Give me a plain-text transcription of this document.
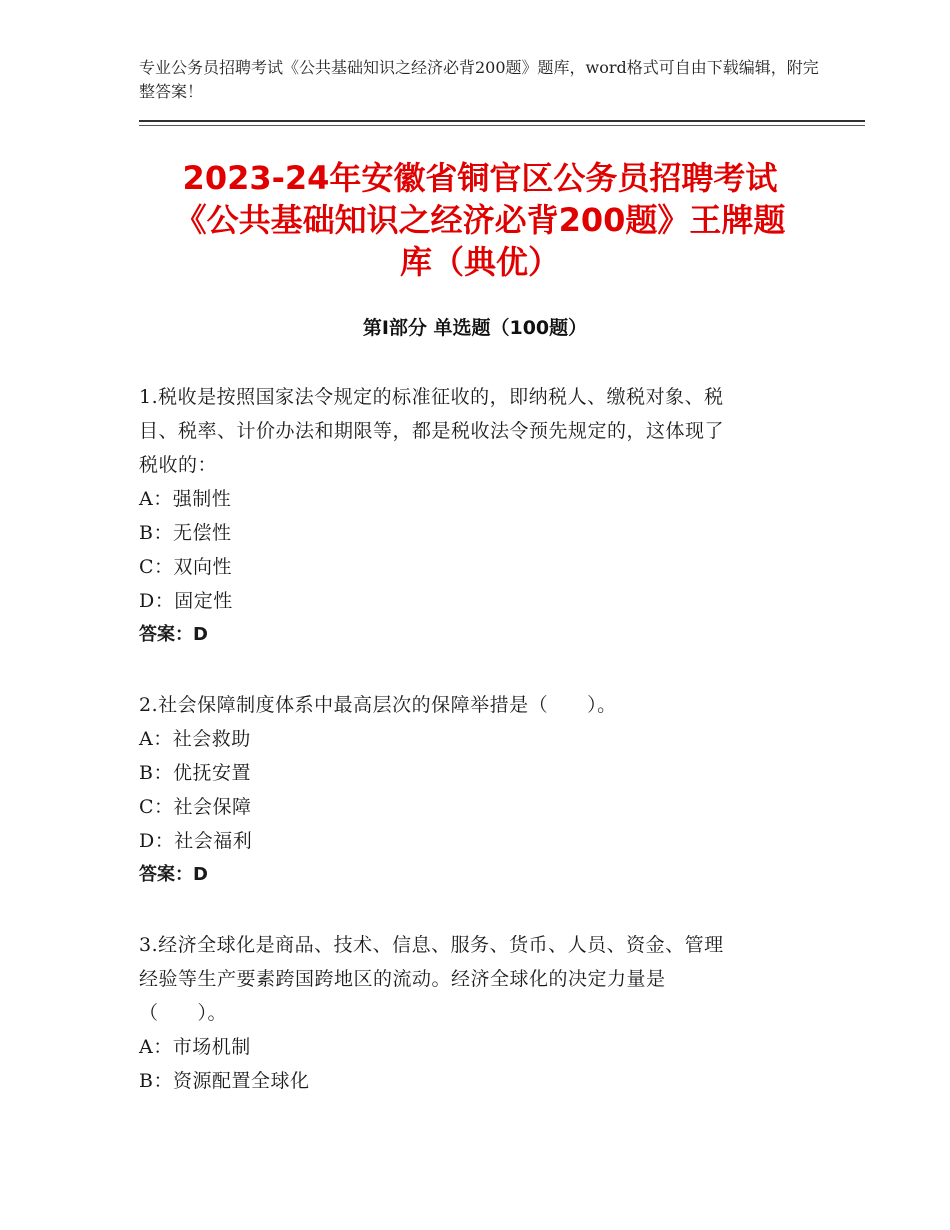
专业公务员招聘考试《公共基础知识之经济必背200题》题库，word格式可自由下载编辑，附完整答案！
2023-24年安徽省铜官区公务员招聘考试
《公共基础知识之经济必背200题》王牌题
库（典优）
第I部分 单选题（100题）
1.税收是按照国家法令规定的标准征收的，即纳税人、缴税对象、税
目、税率、计价办法和期限等，都是税收法令预先规定的，这体现了
税收的：
A：强制性
B：无偿性
C：双向性
D：固定性
答案：D
2.社会保障制度体系中最高层次的保障举措是（　　）。
A：社会救助
B：优抚安置
C：社会保障
D：社会福利
答案：D
3.经济全球化是商品、技术、信息、服务、货币、人员、资金、管理
经验等生产要素跨国跨地区的流动。经济全球化的决定力量是
（　　）。
A：市场机制
B：资源配置全球化
